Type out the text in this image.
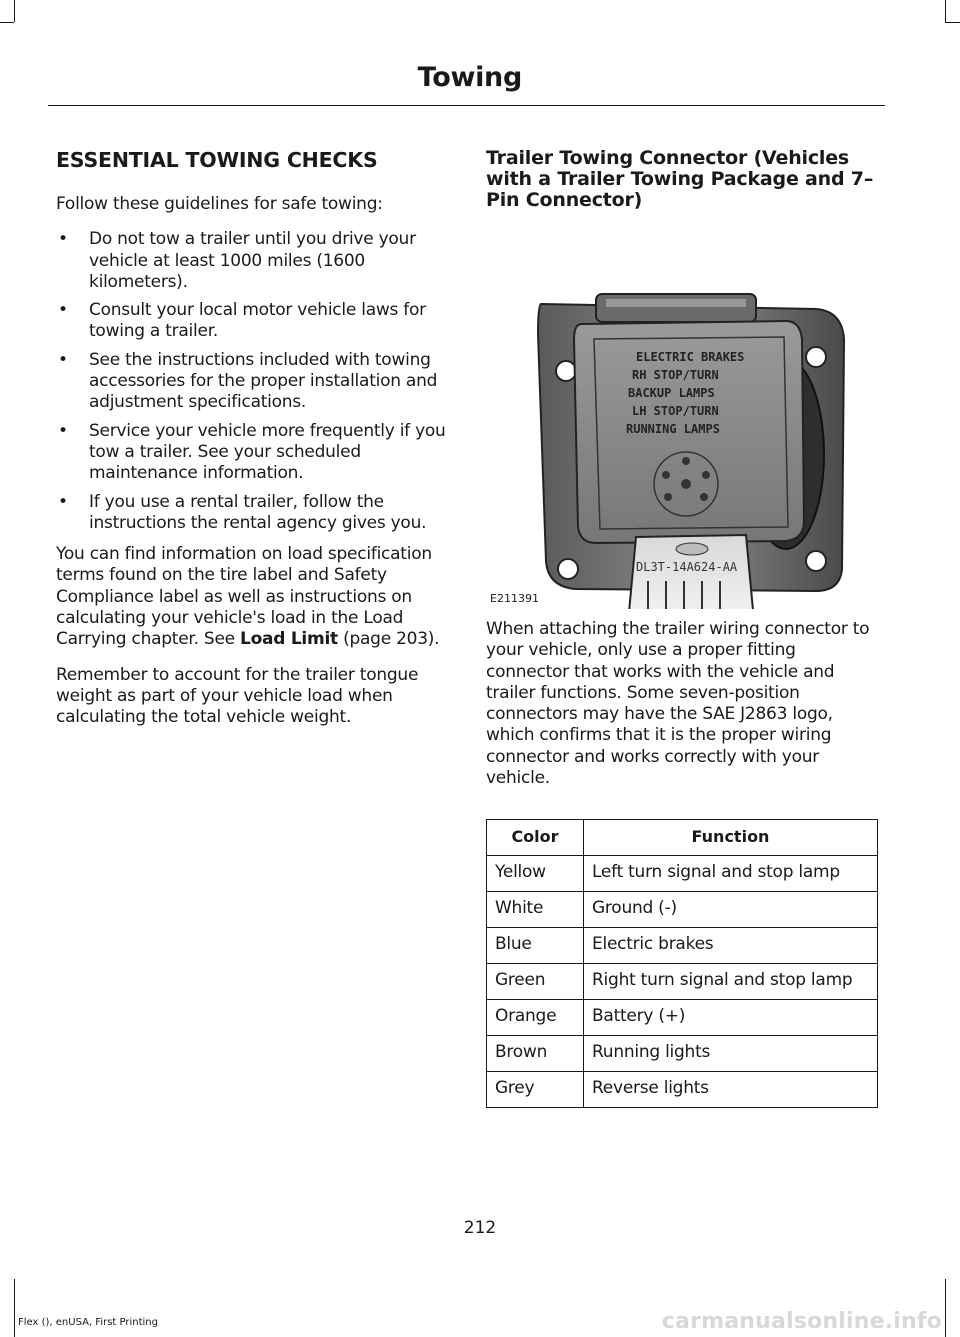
Towing
ESSENTIAL TOWING CHECKS

Follow these guidelines for safe towing:

• Do not tow a trailer until you drive your vehicle at least 1000 miles (1600 kilometers).
• Consult your local motor vehicle laws for towing a trailer.
• See the instructions included with towing accessories for the proper installation and adjustment specifications.
• Service your vehicle more frequently if you tow a trailer. See your scheduled maintenance information.
• If you use a rental trailer, follow the instructions the rental agency gives you.

You can find information on load specification terms found on the tire label and Safety Compliance label as well as instructions on calculating your vehicle's load in the Load Carrying chapter. See Load Limit (page 203).

Remember to account for the trailer tongue weight as part of your vehicle load when calculating the total vehicle weight.

Trailer Towing Connector (Vehicles with a Trailer Towing Package and 7–Pin Connector)
ELECTRIC BRAKES
RH STOP/TURN
BACKUP LAMPS
LH STOP/TURN
RUNNING LAMPS
DL3T-14A624-AA
E211391

When attaching the trailer wiring connector to your vehicle, only use a proper fitting connector that works with the vehicle and trailer functions. Some seven-position connectors may have the SAE J2863 logo, which confirms that it is the proper wiring connector and works correctly with your vehicle.

Color	Function
Yellow	Left turn signal and stop lamp
White	Ground (-)
Blue	Electric brakes
Green	Right turn signal and stop lamp
Orange	Battery (+)
Brown	Running lights
Grey	Reverse lights
212
Flex (), enUSA, First Printing	carmanualsonline.info
